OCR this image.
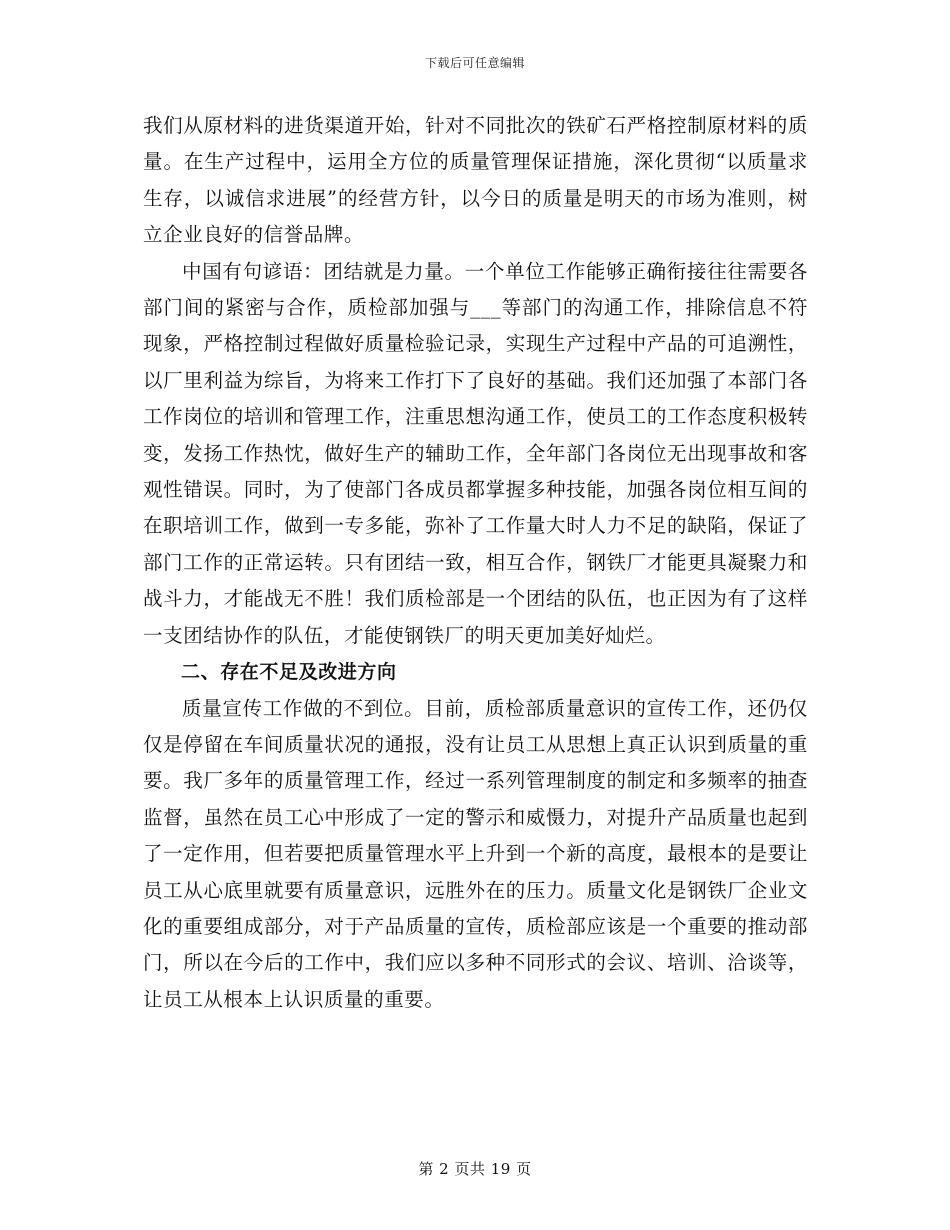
下载后可任意编辑

我们从原材料的进货渠道开始，针对不同批次的铁矿石严格控制原材料的质量。在生产过程中，运用全方位的质量管理保证措施，深化贯彻“以质量求生存，以诚信求进展”的经营方针，以今日的质量是明天的市场为准则，树立企业良好的信誉品牌。

中国有句谚语：团结就是力量。一个单位工作能够正确衔接往往需要各部门间的紧密与合作，质检部加强与___等部门的沟通工作，排除信息不符现象，严格控制过程做好质量检验记录，实现生产过程中产品的可追溯性，以厂里利益为综旨，为将来工作打下了良好的基础。我们还加强了本部门各工作岗位的培训和管理工作，注重思想沟通工作，使员工的工作态度积极转变，发扬工作热忱，做好生产的辅助工作，全年部门各岗位无出现事故和客观性错误。同时，为了使部门各成员都掌握多种技能，加强各岗位相互间的在职培训工作，做到一专多能，弥补了工作量大时人力不足的缺陷，保证了部门工作的正常运转。只有团结一致，相互合作，钢铁厂才能更具凝聚力和战斗力，才能战无不胜！我们质检部是一个团结的队伍，也正因为有了这样一支团结协作的队伍，才能使钢铁厂的明天更加美好灿烂。

二、存在不足及改进方向

质量宣传工作做的不到位。目前，质检部质量意识的宣传工作，还仍仅仅是停留在车间质量状况的通报，没有让员工从思想上真正认识到质量的重要。我厂多年的质量管理工作，经过一系列管理制度的制定和多频率的抽查监督，虽然在员工心中形成了一定的警示和威慑力，对提升产品质量也起到了一定作用，但若要把质量管理水平上升到一个新的高度，最根本的是要让员工从心底里就要有质量意识，远胜外在的压力。质量文化是钢铁厂企业文化的重要组成部分，对于产品质量的宣传，质检部应该是一个重要的推动部门，所以在今后的工作中，我们应以多种不同形式的会议、培训、洽谈等，让员工从根本上认识质量的重要。

第 2 页共 19 页
